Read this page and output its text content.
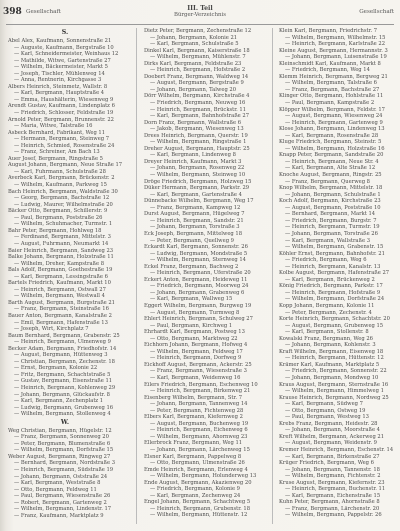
398 Gesellschaft	III. Teil
Bürger-Verzeichnis	Gesellschaft
S.
Abel Alex, Kaufmann, Sonnenstraße 21
— Auguste, Kaufmann, Bergstraße 10
— Karl, Schneidermeister, Weinhaus 12
— Mathilde, Witwe, Gartenstraße 27
— Wilhelm, Bäckermeister, Markt 5
— Joseph, Tischler, Mühlenweg 14
— Anna, Rentnerin, Kirchgasse 3
Albers Heinrich, Steinmetz, Wallstr. 8
— Karl, Bergmann, Hauptstraße 4
— Emma, Haushälterin, Wiesenweg 9
Arendt Gustav, Kaufmann, Lindenplatz 6
— Friedrich, Schlosser, Feldstraße 19
Arnold Peter, Bergmann, Brunnenstr. 22
— Maria, Witwe, Talstraße 16
Asbeck Bernhard, Fabrikant, Weg 11
— Hermann, Bergmann, Steinweg 7
— Heinrich, Schmied, Rosenstraße 24
— Franz, Schreiner, Am Bach 13
Auer Josef, Bergmann, Ringstraße 5
August Johann, Bergmann, Neue Straße 17
— Karl, Fuhrmann, Schulstraße 28
Averbeck Karl, Bergmann, Brückenstr. 2
— Wilhelm, Kaufmann, Parkweg 15
Bach Heinrich, Bergmann, Waldstraße 30
— Georg, Bergmann, Bachstraße 12
— Ludwig, Maurer, Wilhelmstraße 20
Bäcker Otto, Bergmann, Schillerstr. 9
— Paul, Bergmann, Poststraße 26
— Wilhelm, Schuhmacher, Turmstr. 1
Bahr Peter, Bergmann, Hohlweg 18
— Ferdinand, Bergmann, Mittelstr. 3
— August, Fuhrmann, Neumarkt 14
Baier Heinrich, Bergmann, Sandweg 23
Balke Johann, Bergmann, Holzstraße 11
— Wilhelm, Dreher, Kampstraße 8
Bals Adolf, Bergmann, Goethestraße 19
— Karl, Bergmann, Lessingstraße 6
Bartels Friedrich, Kaufmann, Markt 10
— Heinrich, Bergmann, Ostwall 27
— Wilhelm, Bergmann, Westwall 4
Barth August, Bergmann, Burgstraße 21
— Franz, Bergmann, Steinstraße 16
Bauer Anton, Bergmann, Kanalstraße 2
— Emil, Bergmann, Hafenstraße 13
— Joseph, Wirt, Kirchplatz 7
Baum Bernhard, Bergmann, Grabenstr. 25
— Heinrich, Bergmann, Ulmenweg 9
Becker Adam, Bergmann, Friedhofstr. 14
— August, Bergmann, Hüttenweg 3
— Christian, Bergmann, Zechenstr. 18
— Ernst, Bergmann, Kolonie 22
— Fritz, Bergmann, Schachtstraße 5
— Gustav, Bergmann, Eisenstraße 11
— Heinrich, Bergmann, Kohlenweg 29
— Johann, Bergmann, Glückaufstr. 8
— Karl, Bergmann, Zechenplatz 1
— Ludwig, Bergmann, Grubenweg 16
— Wilhelm, Bergmann, Stollenweg 4
W.
Weg Christian, Bergmann, Hügelstr. 12
— Franz, Bergmann, Sonnenweg 20
— Peter, Bergmann, Blumenstraße 6
— Wilhelm, Bergmann, Dorfstraße 15
Weber August, Bergmann, Ringweg 27
— Bernhard, Bergmann, Nordstraße 3
— Heinrich, Bergmann, Südstraße 19
— Johann, Bergmann, Oststraße 24
— Karl, Bergmann, Weststraße 8
— Otto, Bergmann, Feldweg 11
— Paul, Bergmann, Wiesenstraße 26
— Robert, Bergmann, Gartenweg 2
— Wilhelm, Bergmann, Lindenstr. 17
— Franz, Kaufmann, Marktplatz 9
Dietz Peter, Bergmann, Zechenstraße 12
— Johann, Bergmann, Kolonie 21
— Karl, Bergmann, Schulstraße 5
Dinkel Karl, Bergmann, Kaiserstraße 18
— Wilhelm, Bergmann, Mühlenstr. 7
Dirks Karl, Bergmann, Feldstraße 23
— Heinrich, Bergmann, Hofstraße 2
Doebert Franz, Bergmann, Waldweg 14
— August, Bergmann, Bergstraße 9
— Johann, Bergmann, Talweg 20
Dörr Wilhelm, Bergmann, Kirchstraße 4
— Friedrich, Bergmann, Neuweg 16
— Heinrich, Bergmann, Brückstr. 11
— Karl, Bergmann, Bahnhofstraße 27
Dorn Franz, Bergmann, Wallstraße 6
— Jakob, Bergmann, Wiesenweg 13
Drees Heinrich, Bergmann, Querstr. 19
— Wilhelm, Bergmann, Ringstraße 1
Dreher August, Bergmann, Hauptstr. 25
— Karl, Bergmann, Lindenweg 8
Dreyer Heinrich, Kaufmann, Markt 3
— Johann, Bergmann, Rosenweg 22
— Wilhelm, Bergmann, Steinweg 10
Dröge Friedrich, Bergmann, Holzweg 15
Düker Hermann, Bergmann, Parkstr. 29
— Karl, Bergmann, Gartenstraße 4
Dünnebacke Wilhelm, Bergmann, Weg 17
— Franz, Bergmann, Kampweg 12
Durst August, Bergmann, Hügelweg 7
— Heinrich, Bergmann, Sandstr. 21
— Johann, Bergmann, Torstraße 3
Eck Joseph, Bergmann, Mittelweg 18
— Peter, Bergmann, Quellweg 9
Eckardt Karl, Bergmann, Sonnenstr. 26
— Ludwig, Bergmann, Mondstraße 5
— Wilhelm, Bergmann, Sternweg 14
Eckel Franz, Bergmann, Bachweg 2
— Heinrich, Bergmann, Uferstraße 20
Eckert Anton, Bergmann, Heideweg 11
— Friedrich, Bergmann, Moorweg 24
— Johann, Bergmann, Grabenweg 6
— Karl, Bergmann, Wallweg 15
Eggert Wilhelm, Bergmann, Burgweg 19
— August, Bergmann, Turmweg 8
Ehlert Heinrich, Bergmann, Schulweg 27
— Paul, Bergmann, Kirchweg 1
Ehrhardt Karl, Bergmann, Postweg 13
— Otto, Bergmann, Marktweg 22
Eichhorn Johann, Bergmann, Hofweg 4
— Wilhelm, Bergmann, Feldweg 17
— Heinrich, Bergmann, Dorfweg 9
Eickhoff August, Bergmann, Ackerstr. 25
— Franz, Bergmann, Wiesenstraße 3
— Karl, Bergmann, Weidenweg 16
Eilers Friedrich, Bergmann, Eschenweg 10
— Heinrich, Bergmann, Birkenweg 21
Eisenberg Wilhelm, Bergmann, Str. 7
— Johann, Bergmann, Tannenweg 14
— Peter, Bergmann, Fichtenweg 28
Elbers Karl, Bergmann, Kiefernweg 2
— August, Bergmann, Buchenweg 19
— Heinrich, Bergmann, Eichenweg 6
— Wilhelm, Bergmann, Ahornweg 23
Ellerbrock Franz, Bergmann, Weg 11
— Johann, Bergmann, Lärchenweg 15
Elsner Karl, Bergmann, Pappelweg 8
— Otto, Bergmann, Ulmenstraße 26
Emde Heinrich, Bergmann, Erlenweg 4
— Wilhelm, Bergmann, Holunderweg 13
Ende August, Bergmann, Akazienweg 20
— Friedrich, Bergmann, Kolonie 9
— Karl, Bergmann, Zechenweg 24
Engel Johann, Bergmann, Schachtweg 5
— Heinrich, Bergmann, Grubenstr. 18
— Wilhelm, Bergmann, Hüttenstr. 12
Klein Karl, Bergmann, Friedrichstr. 7
— Wilhelm, Bergmann, Wilhelmstr. 15
— Heinrich, Bergmann, Karlstraße 22
Kleine August, Bergmann, Hermannstr. 3
— Johann, Bergmann, Luisenstraße 19
Kleinschmidt Karl, Kaufmann, Markt 8
— Friedrich, Bergmann, Weg 14
Klemm Heinrich, Bergmann, Bergweg 21
— Wilhelm, Bergmann, Talstraße 6
— Franz, Bergmann, Bachstraße 27
Klinger Otto, Bergmann, Hohlstraße 11
— Paul, Bergmann, Kampstraße 2
Klöpper Wilhelm, Bergmann, Feldstr. 17
— August, Bergmann, Wiesenweg 24
— Heinrich, Bergmann, Gartenweg 9
Klose Johann, Bergmann, Lindenweg 13
— Karl, Bergmann, Rosenstraße 28
Kluge Friedrich, Bergmann, Steinstr. 5
— Wilhelm, Bergmann, Holzstraße 16
Knapp Peter, Bergmann, Sandstraße 20
— Heinrich, Bergmann, Neue Str. 4
— Karl, Bergmann, Alte Straße 12
Knoche August, Bergmann, Ringstr. 25
— Franz, Bergmann, Querweg 8
Knop Wilhelm, Bergmann, Mittelstr. 18
— Johann, Bergmann, Schulstraße 1
Koch Adolf, Bergmann, Kirchstraße 23
— August, Bergmann, Poststraße 10
— Bernhard, Bergmann, Markt 14
— Friedrich, Bergmann, Burgstr. 7
— Heinrich, Bergmann, Turmstr. 19
— Johann, Bergmann, Torstraße 26
— Karl, Bergmann, Wallstraße 3
— Wilhelm, Bergmann, Grabenstr. 15
Köhler Ernst, Bergmann, Bahnhofstr. 21
— Friedrich, Bergmann, Weg 6
— Heinrich, Bergmann, Kanalstr. 13
Kolbe August, Bergmann, Hafenstraße 27
— Karl, Bergmann, Brückenweg 2
König Friedrich, Bergmann, Parkstr. 17
— Heinrich, Bergmann, Hofstraße 9
— Wilhelm, Bergmann, Dorfstraße 24
Kopp Johann, Bergmann, Kolonie 11
— Peter, Bergmann, Zechenstr. 4
Korte Heinrich, Bergmann, Schachtstr. 20
— August, Bergmann, Grubenweg 15
— Karl, Bergmann, Stollenstr. 8
Kowalski Franz, Bergmann, Weg 26
— Johann, Bergmann, Kohlenstr. 3
Kraft Wilhelm, Bergmann, Eisenweg 18
— Heinrich, Bergmann, Hüttenstr. 12
Krämer Karl, Kaufmann, Marktplatz 5
— Friedrich, Bergmann, Sonnenstr. 22
— Johann, Bergmann, Mondweg 10
Kraus August, Bergmann, Sternstraße 16
— Wilhelm, Bergmann, Himmelweg 1
Krause Heinrich, Bergmann, Nordweg 25
— Karl, Bergmann, Südweg 7
— Otto, Bergmann, Ostweg 19
— Paul, Bergmann, Westweg 13
Krebs Franz, Bergmann, Heidestr. 28
— Johann, Bergmann, Moorstraße 4
Kreft Wilhelm, Bergmann, Ackerweg 21
— August, Bergmann, Weidenstr. 9
Kremer Heinrich, Bergmann, Eschenstr. 14
— Karl, Bergmann, Birkenstraße 27
Krüger Friedrich, Bergmann, Weg 6
— Johann, Bergmann, Tannenstr. 18
— Wilhelm, Bergmann, Fichtenstr. 2
Kruse August, Bergmann, Kiefernstr. 23
— Heinrich, Bergmann, Buchenstr. 11
— Karl, Bergmann, Eichenstraße 15
Kuhn Peter, Bergmann, Ahornstraße 8
— Franz, Bergmann, Lärchenstr. 20
— Wilhelm, Bergmann, Pappelstr. 26
